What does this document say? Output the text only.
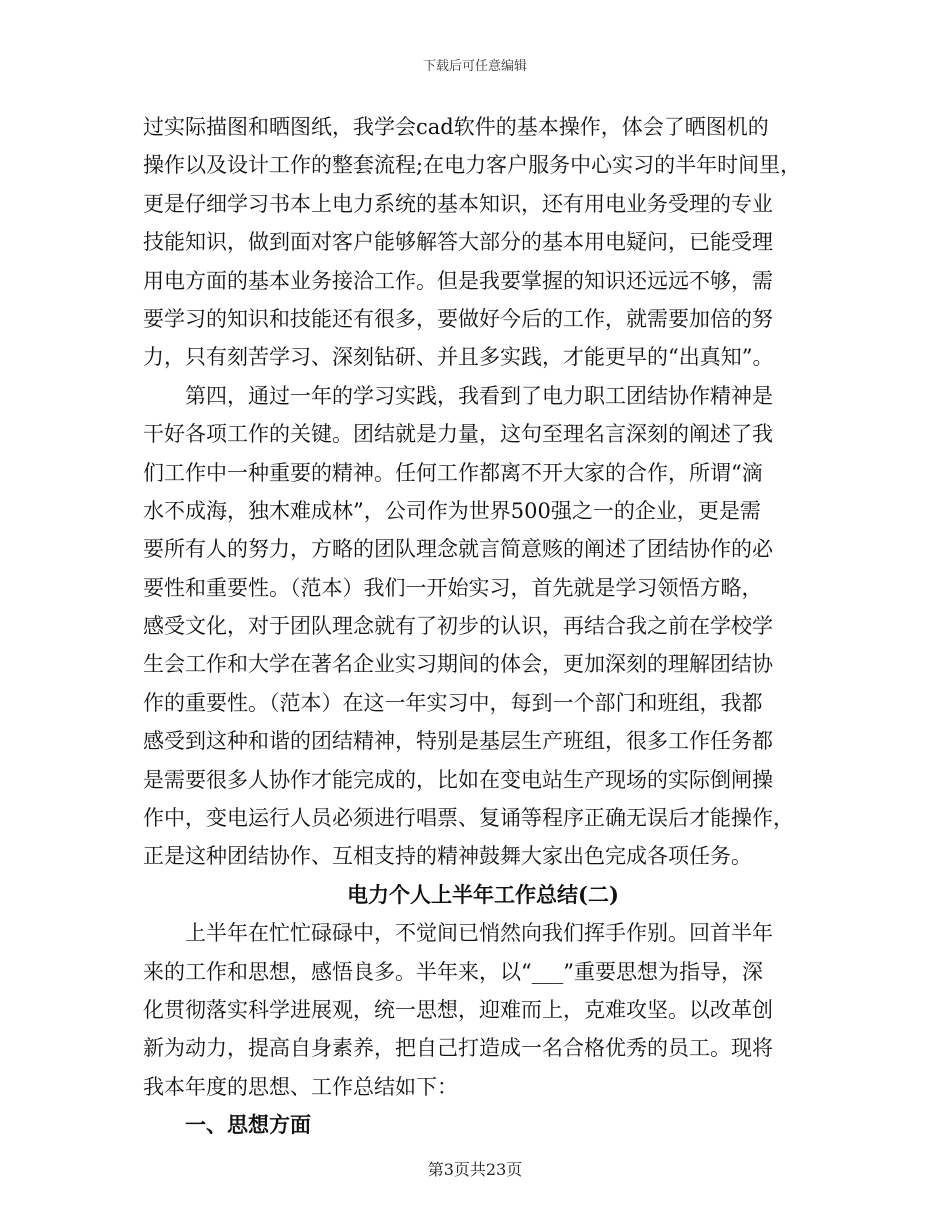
下载后可任意编辑
过实际描图和晒图纸，我学会cad软件的基本操作，体会了晒图机的
操作以及设计工作的整套流程;在电力客户服务中心实习的半年时间里，
更是仔细学习书本上电力系统的基本知识，还有用电业务受理的专业
技能知识，做到面对客户能够解答大部分的基本用电疑问，已能受理
用电方面的基本业务接洽工作。但是我要掌握的知识还远远不够，需
要学习的知识和技能还有很多，要做好今后的工作，就需要加倍的努
力，只有刻苦学习、深刻钻研、并且多实践，才能更早的“出真知”。
第四，通过一年的学习实践，我看到了电力职工团结协作精神是
干好各项工作的关键。团结就是力量，这句至理名言深刻的阐述了我
们工作中一种重要的精神。任何工作都离不开大家的合作，所谓“滴
水不成海，独木难成林”，公司作为世界500强之一的企业，更是需
要所有人的努力，方略的团队理念就言简意赅的阐述了团结协作的必
要性和重要性。（范本）我们一开始实习，首先就是学习领悟方略，
感受文化，对于团队理念就有了初步的认识，再结合我之前在学校学
生会工作和大学在著名企业实习期间的体会，更加深刻的理解团结协
作的重要性。（范本）在这一年实习中，每到一个部门和班组，我都
感受到这种和谐的团结精神，特别是基层生产班组，很多工作任务都
是需要很多人协作才能完成的，比如在变电站生产现场的实际倒闸操
作中，变电运行人员必须进行唱票、复诵等程序正确无误后才能操作，
正是这种团结协作、互相支持的精神鼓舞大家出色完成各项任务。
电力个人上半年工作总结(二)
上半年在忙忙碌碌中，不觉间已悄然向我们挥手作别。回首半年
来的工作和思想，感悟良多。半年来，以“___”重要思想为指导，深
化贯彻落实科学进展观，统一思想，迎难而上，克难攻坚。以改革创
新为动力，提高自身素养，把自己打造成一名合格优秀的员工。现将
我本年度的思想、工作总结如下：
一、思想方面
第3页共23页
